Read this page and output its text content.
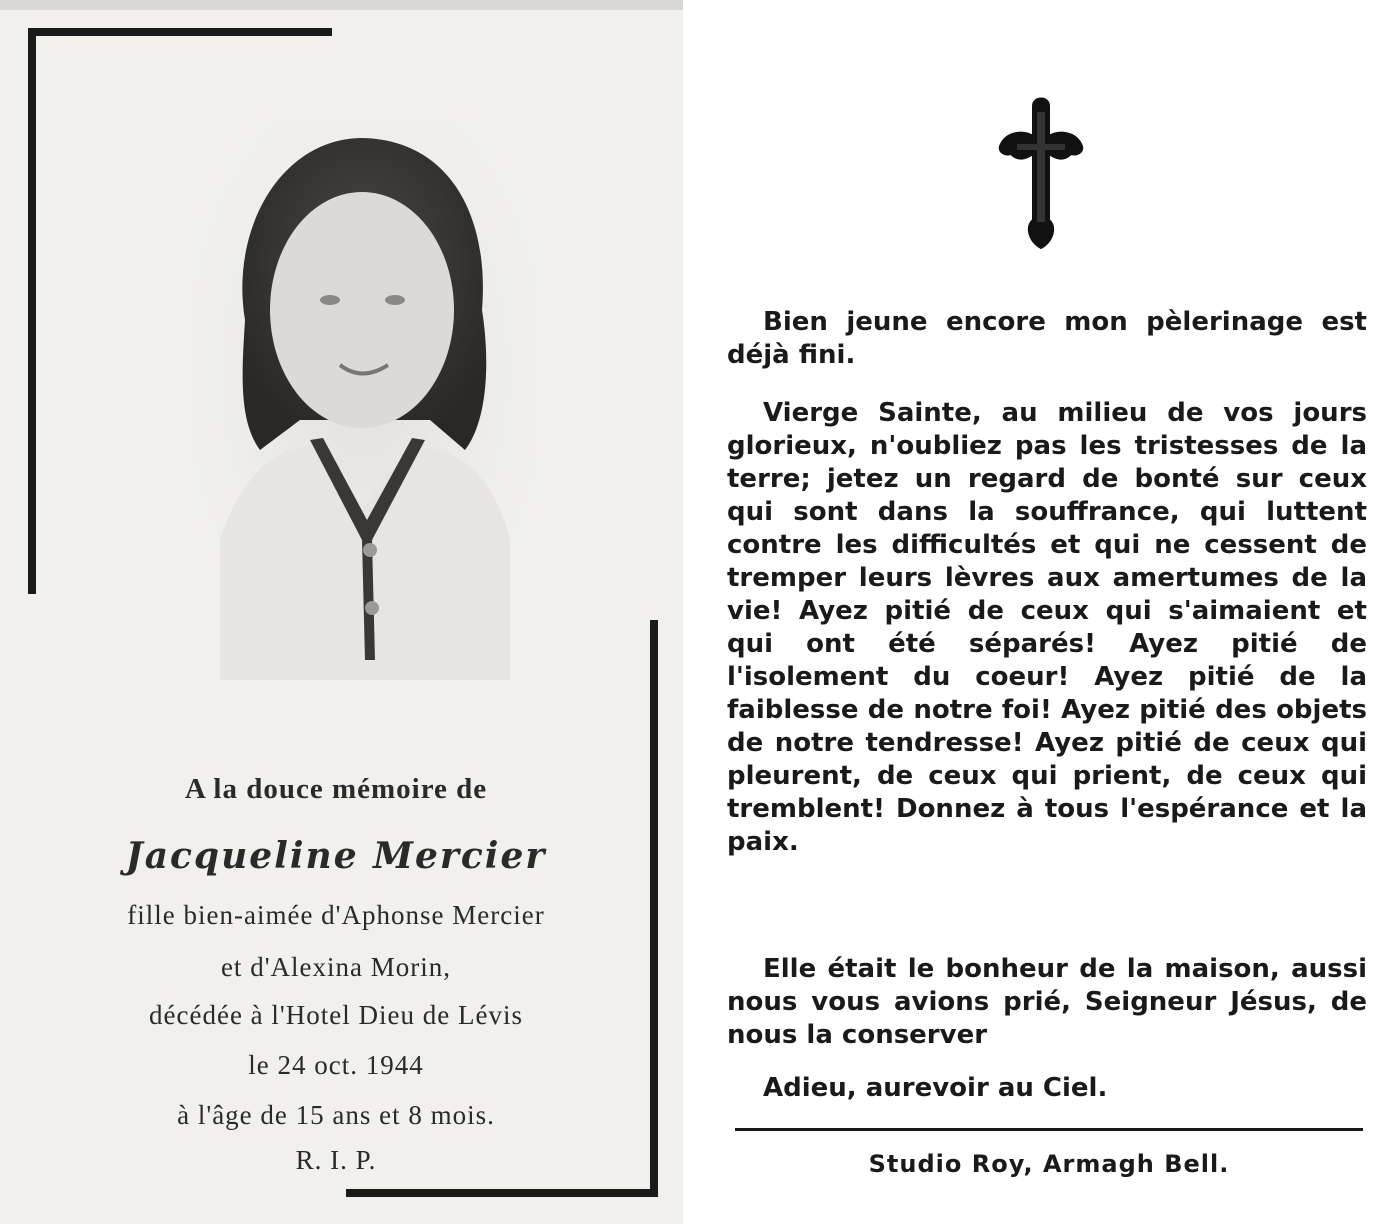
A la douce mémoire de
Jacqueline Mercier
fille bien-aimée d'Aphonse Mercier
et d'Alexina Morin,
décédée à l'Hotel Dieu de Lévis
le 24 oct. 1944
à l'âge de 15 ans et 8 mois.
R. I. P.

Bien jeune encore mon pèlerinage est déjà fini.

Vierge Sainte, au milieu de vos jours glorieux, n'oubliez pas les tristesses de la terre; jetez un regard de bonté sur ceux qui sont dans la souffrance, qui luttent contre les difficultés et qui ne cessent de tremper leurs lèvres aux amertumes de la vie! Ayez pitié de ceux qui s'aimaient et qui ont été séparés! Ayez pitié de l'isolement du coeur! Ayez pitié de la faiblesse de notre foi! Ayez pitié des objets de notre tendresse! Ayez pitié de ceux qui pleurent, de ceux qui prient, de ceux qui tremblent! Donnez à tous l'espérance et la paix.

Elle était le bonheur de la maison, aussi nous vous avions prié, Seigneur Jésus, de nous la conserver

Adieu, aurevoir au Ciel.

Studio Roy, Armagh Bell.
